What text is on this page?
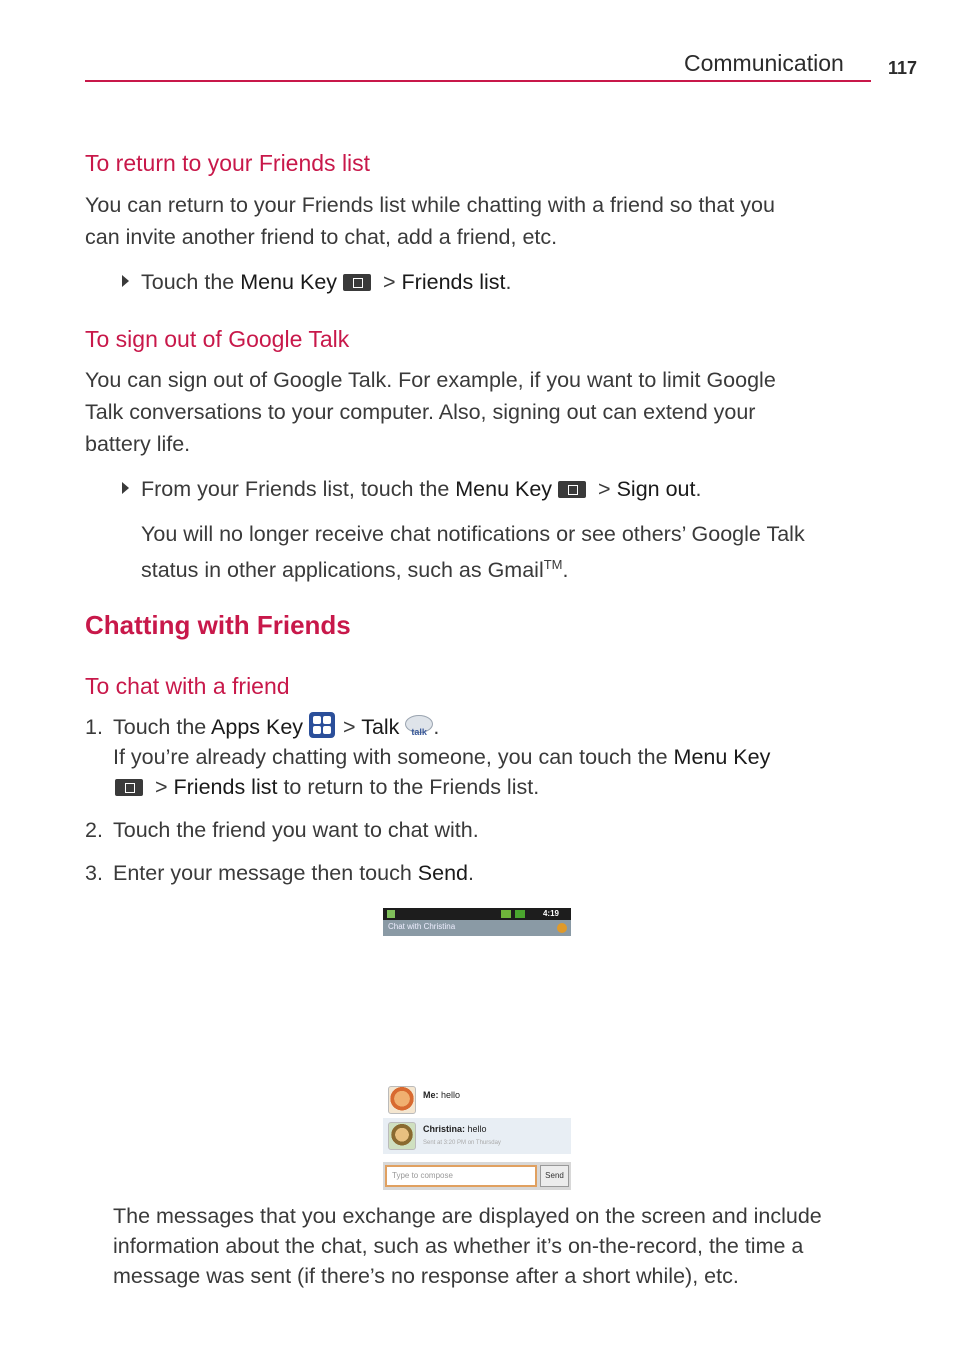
Communication 117
To return to your Friends list
You can return to your Friends list while chatting with a friend so that you
can invite another friend to chat, add a friend, etc.
Touch the Menu Key > Friends list.
To sign out of Google Talk
You can sign out of Google Talk. For example, if you want to limit Google
Talk conversations to your computer. Also, signing out can extend your
battery life.
From your Friends list, touch the Menu Key > Sign out.
You will no longer receive chat notifications or see others’ Google Talk
status in other applications, such as Gmail™.
Chatting with Friends
To chat with a friend
1. Touch the Apps Key
> Talk talk .
If you’re already chatting with someone, you can touch the Menu Key
> Friends list to return to the Friends list.
2. Touch the friend you want to chat with.
3. Enter your message then touch Send.
4:19
Chat with Christina
Me: hello
Christina: hello
Sent at 3:20 PM on Thursday
Type to compose	Send
The messages that you exchange are displayed on the screen and include
information about the chat, such as whether it’s on-the-record, the time a
message was sent (if there’s no response after a short while), etc.
